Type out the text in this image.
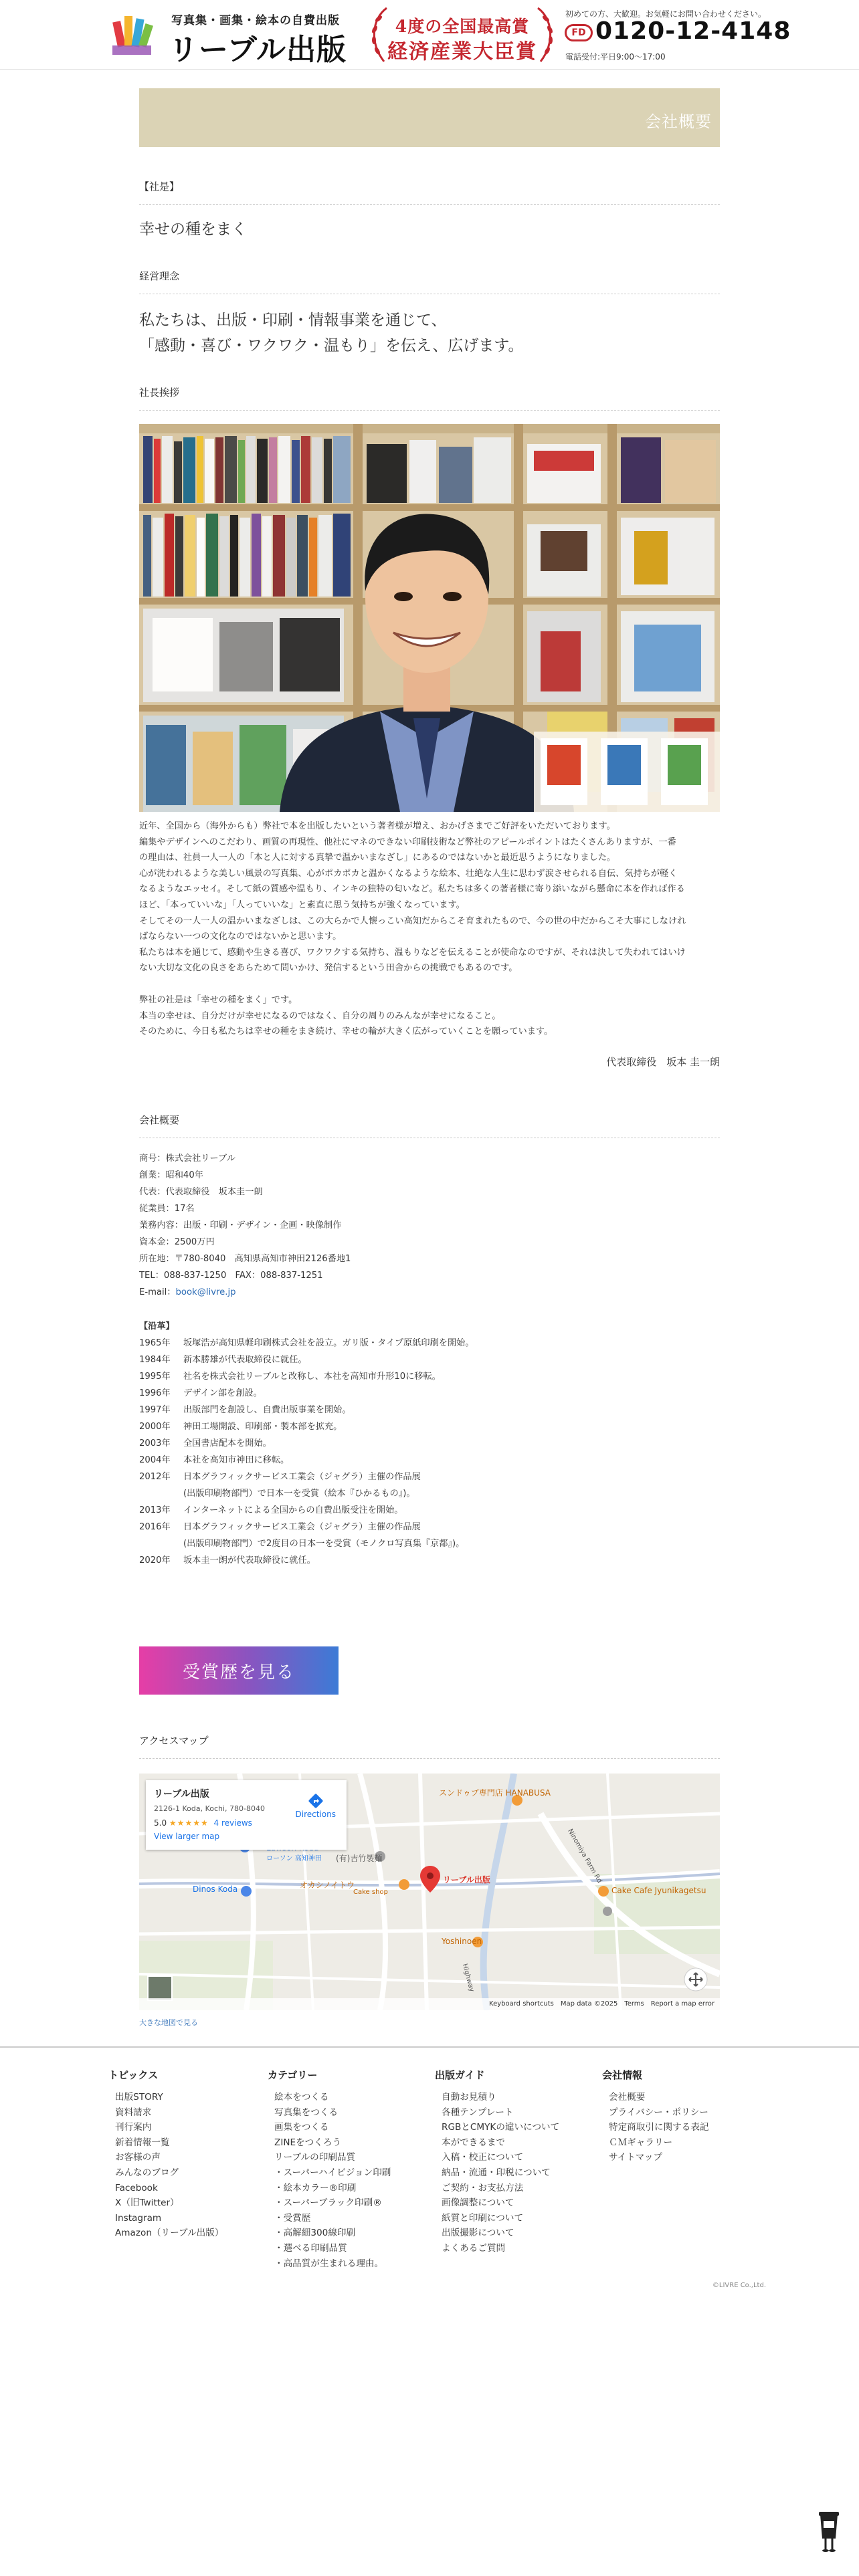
写真集・画集・絵本の自費出版
リーブル出版
4度の全国最高賞
経済産業大臣賞
初めての方、大歓迎。お気軽にお問い合わせください。
FD 0120-12-4148
電話受付:平日9:00～17:00
会社概要
【社是】
幸せの種をまく
経営理念
私たちは、出版・印刷・情報事業を通じて、
「感動・喜び・ワクワク・温もり」を伝え、広げます。
社長挨拶
近年、全国から（海外からも）弊社で本を出版したいという著者様が増え、おかげさまでご好評をいただいております。
編集やデザインへのこだわり、画質の再現性、他社にマネのできない印刷技術など弊社のアピールポイントはたくさんありますが、一番
の理由は、社員一人一人の「本と人に対する真摯で温かいまなざし」にあるのではないかと最近思うようになりました。
心が洗われるような美しい風景の写真集、心がポカポカと温かくなるような絵本、壮絶な人生に思わず涙させられる自伝、気持ちが軽く
なるようなエッセイ。そして紙の質感や温もり、インキの独特の匂いなど。私たちは多くの著者様に寄り添いながら懸命に本を作れば作る
ほど、「本っていいな」「人っていいな」と素直に思う気持ちが強くなっています。
そしてその一人一人の温かいまなざしは、この大らかで人懐っこい高知だからこそ育まれたもので、今の世の中だからこそ大事にしなけれ
ばならない一つの文化なのではないかと思います。
私たちは本を通じて、感動や生きる喜び、ワクワクする気持ち、温もりなどを伝えることが使命なのですが、それは決して失われてはいけ
ない大切な文化の良さをあらためて問いかけ、発信するという田舎からの挑戦でもあるのです。
弊社の社是は「幸せの種をまく」です。
本当の幸せは、自分だけが幸せになるのではなく、自分の周りのみんなが幸せになること。
そのために、今日も私たちは幸せの種をまき続け、幸せの輪が大きく広がっていくことを願っています。
代表取締役　坂本 圭一朗
会社概要
商号：株式会社リーブル
創業：昭和40年
代表：代表取締役　坂本圭一朗
従業員：17名
業務内容：出版・印刷・デザイン・企画・映像制作
資本金：2500万円
所在地：〒780-8040　高知県高知市神田2126番地1
TEL：088-837-1250　FAX：088-837-1251
E-mail：book@livre.jp
【沿革】
1965年	坂塚浩が高知県軽印刷株式会社を設立。ガリ版・タイプ原紙印刷を開始。
1984年	新本勝雄が代表取締役に就任。
1995年	社名を株式会社リーブルと改称し、本社を高知市升形10に移転。
1996年	デザイン部を創設。
1997年	出版部門を創設し、自費出版事業を開始。
2000年	神田工場開設、印刷部・製本部を拡充。
2003年	全国書店配本を開始。
2004年	本社を高知市神田に移転。
2012年	日本グラフィックサービス工業会（ジャグラ）主催の作品展
(出版印刷物部門）で日本一を受賞（絵本『ひかるもの』)。
2013年	インターネットによる全国からの自費出版受注を開始。
2016年	日本グラフィックサービス工業会（ジャグラ）主催の作品展
(出版印刷物部門）で2度目の日本一を受賞（モノクロ写真集『京都』)。
2020年	坂本圭一朗が代表取締役に就任。
受賞歴を見る
アクセスマップ
リーブル出版
ローソン 高知神田
スンドゥブ専門店 HANABUSA
(有)吉竹製麺
オカシノイトウ
Cake shop
Dinos Koda	Cake Cafe Jyunikagetsu
Yoshinoen
Ninomiya Farm Rd
Highway
リーブル出版
2126-1 Koda, Kochi, 780-8040
5.0 ★★★★★ 4 reviews
View larger map
Directions
Keyboard shortcuts　Map data ©2025　Terms　Report a map error
大きな地図で見る
トピックス
出版STORY
資料請求
刊行案内
新着情報一覧
お客様の声
みんなのブログ
Facebook
X（旧Twitter）
Instagram
Amazon（リーブル出版）
カテゴリー
絵本をつくる
写真集をつくる
画集をつくる
ZINEをつくろう
リーブルの印刷品質
・スーパーハイビジョン印刷
・絵本カラー®印刷
・スーパーブラック印刷®
・受賞歴
・高解細300線印刷
・選べる印刷品質
・高品質が生まれる理由。
出版ガイド
自動お見積り
各種テンプレート
RGBとCMYKの違いについて
本ができるまで
入稿・校正について
納品・流通・印税について
ご契約・お支払方法
画像調整について
紙質と印刷について
出版撮影について
よくあるご質問
会社情報
会社概要
プライバシー・ポリシー
特定商取引に関する表記
ＣＭギャラリー
サイトマップ
©LIVRE Co.,Ltd.
